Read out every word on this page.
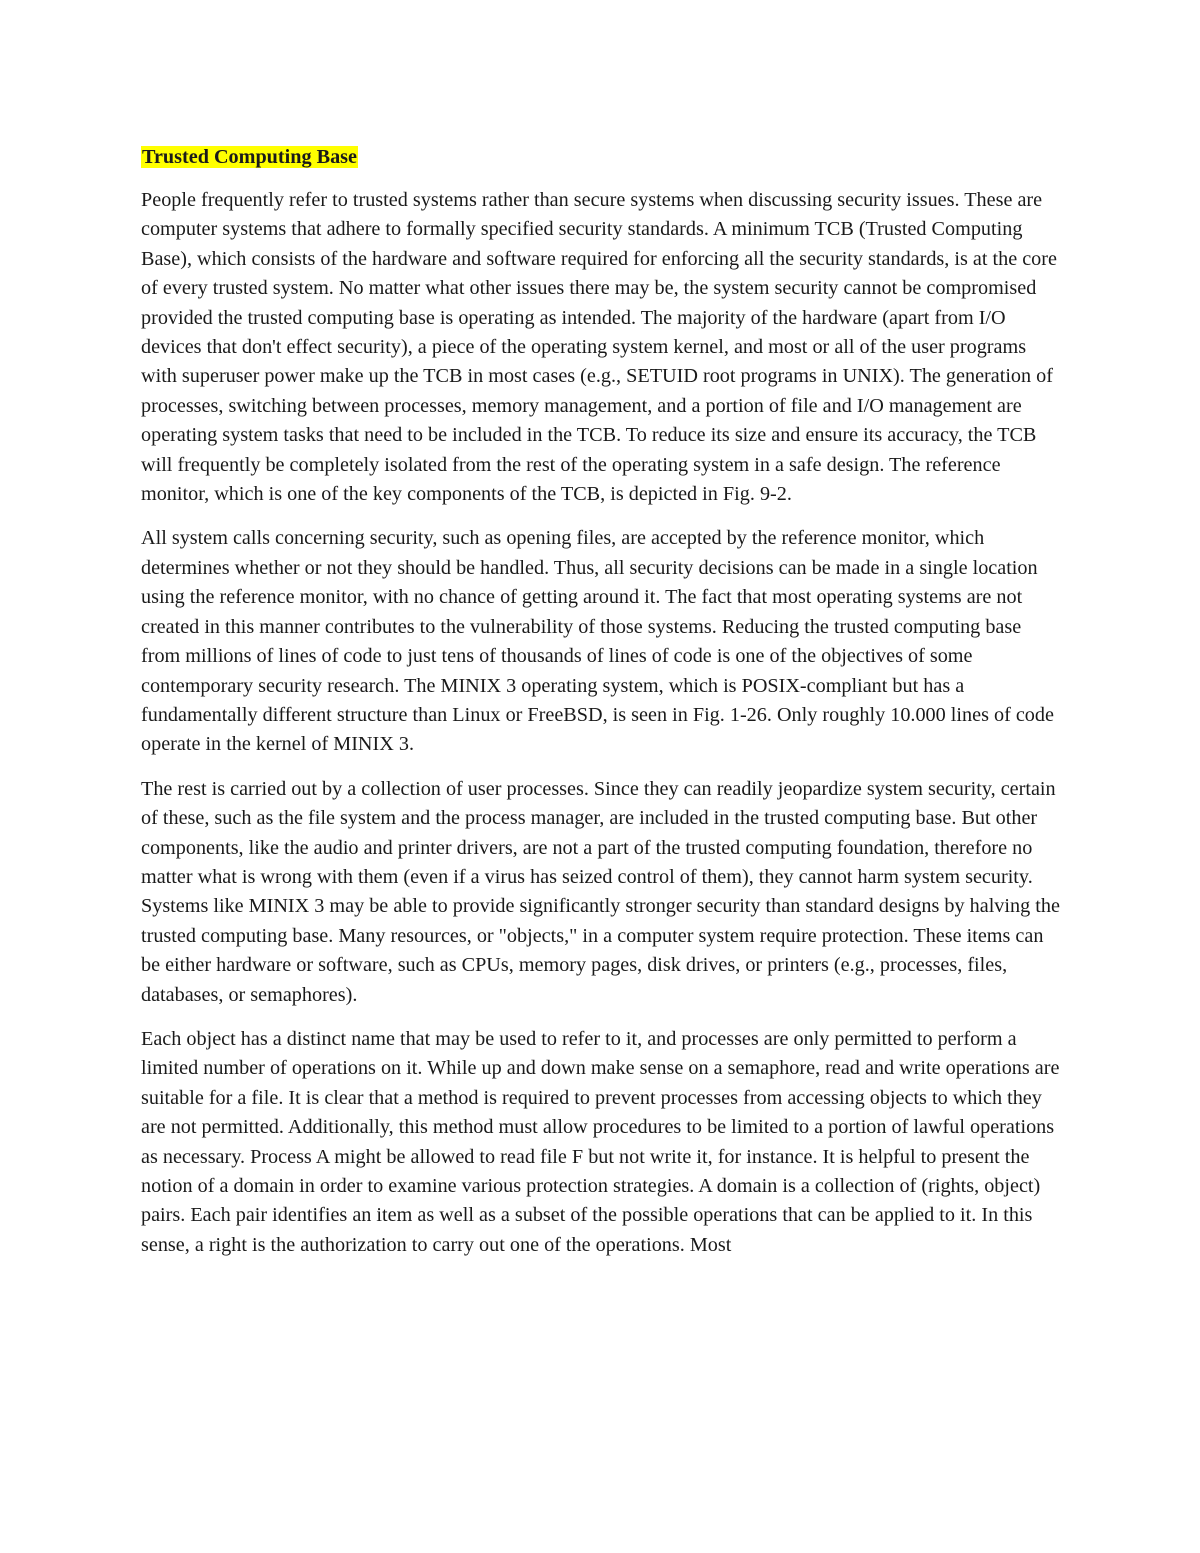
Trusted Computing Base

People frequently refer to trusted systems rather than secure systems when discussing security issues. These are computer systems that adhere to formally specified security standards. A minimum TCB (Trusted Computing Base), which consists of the hardware and software required for enforcing all the security standards, is at the core of every trusted system. No matter what other issues there may be, the system security cannot be compromised provided the trusted computing base is operating as intended. The majority of the hardware (apart from I/O devices that don't effect security), a piece of the operating system kernel, and most or all of the user programs with superuser power make up the TCB in most cases (e.g., SETUID root programs in UNIX). The generation of processes, switching between processes, memory management, and a portion of file and I/O management are operating system tasks that need to be included in the TCB. To reduce its size and ensure its accuracy, the TCB will frequently be completely isolated from the rest of the operating system in a safe design. The reference monitor, which is one of the key components of the TCB, is depicted in Fig. 9-2.

All system calls concerning security, such as opening files, are accepted by the reference monitor, which determines whether or not they should be handled. Thus, all security decisions can be made in a single location using the reference monitor, with no chance of getting around it. The fact that most operating systems are not created in this manner contributes to the vulnerability of those systems. Reducing the trusted computing base from millions of lines of code to just tens of thousands of lines of code is one of the objectives of some contemporary security research. The MINIX 3 operating system, which is POSIX-compliant but has a fundamentally different structure than Linux or FreeBSD, is seen in Fig. 1-26. Only roughly 10.000 lines of code operate in the kernel of MINIX 3.

The rest is carried out by a collection of user processes. Since they can readily jeopardize system security, certain of these, such as the file system and the process manager, are included in the trusted computing base. But other components, like the audio and printer drivers, are not a part of the trusted computing foundation, therefore no matter what is wrong with them (even if a virus has seized control of them), they cannot harm system security. Systems like MINIX 3 may be able to provide significantly stronger security than standard designs by halving the trusted computing base. Many resources, or "objects," in a computer system require protection. These items can be either hardware or software, such as CPUs, memory pages, disk drives, or printers (e.g., processes, files, databases, or semaphores).

Each object has a distinct name that may be used to refer to it, and processes are only permitted to perform a limited number of operations on it. While up and down make sense on a semaphore, read and write operations are suitable for a file. It is clear that a method is required to prevent processes from accessing objects to which they are not permitted. Additionally, this method must allow procedures to be limited to a portion of lawful operations as necessary. Process A might be allowed to read file F but not write it, for instance. It is helpful to present the notion of a domain in order to examine various protection strategies. A domain is a collection of (rights, object) pairs. Each pair identifies an item as well as a subset of the possible operations that can be applied to it. In this sense, a right is the authorization to carry out one of the operations. Most
